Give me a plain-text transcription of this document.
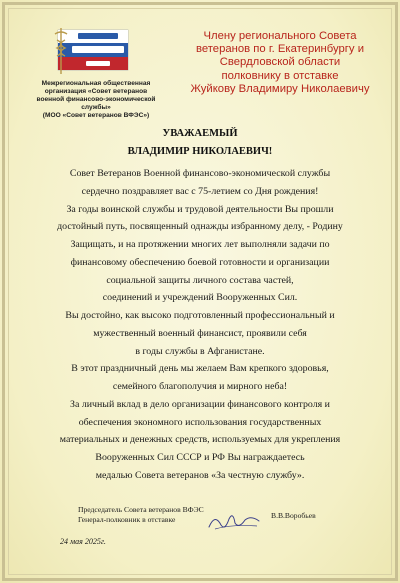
Межрегиональная общественная
организация «Совет ветеранов
военной финансово-экономической
службы»
(МОО «Совет ветеранов ВФЭС»)
Члену регионального Совета
ветеранов по г. Екатеринбургу и
Свердловской области
полковнику в отставке
Жуйкову Владимиру Николаевичу
УВАЖАЕМЫЙ
ВЛАДИМИР НИКОЛАЕВИЧ!
Совет Ветеранов Военной финансово-экономической службы
сердечно поздравляет вас с 75-летием со Дня рождения!
За годы воинской службы и трудовой деятельности Вы прошли
достойный путь, посвященный однажды избранному делу, - Родину
Защищать, и на протяжении многих лет выполняли задачи по
финансовому обеспечению боевой готовности и организации
социальной защиты личного состава частей,
соединений и учреждений Вооруженных Сил.
Вы достойно, как высоко подготовленный профессиональный и
мужественный военный финансист, проявили себя
в годы службы в Афганистане.
В этот праздничный день мы желаем Вам крепкого здоровья,
семейного благополучия и мирного неба!
За личный вклад в дело организации финансового контроля и
обеспечения экономного использования государственных
материальных и денежных средств, используемых для укрепления
Вооруженных Сил СССР и РФ Вы награждаетесь
медалью Совета ветеранов «За честную службу».
Председатель Совета ветеранов ВФЭС
Генерал-полковник в отставке	В.В.Воробьев
24 мая 2025г.
